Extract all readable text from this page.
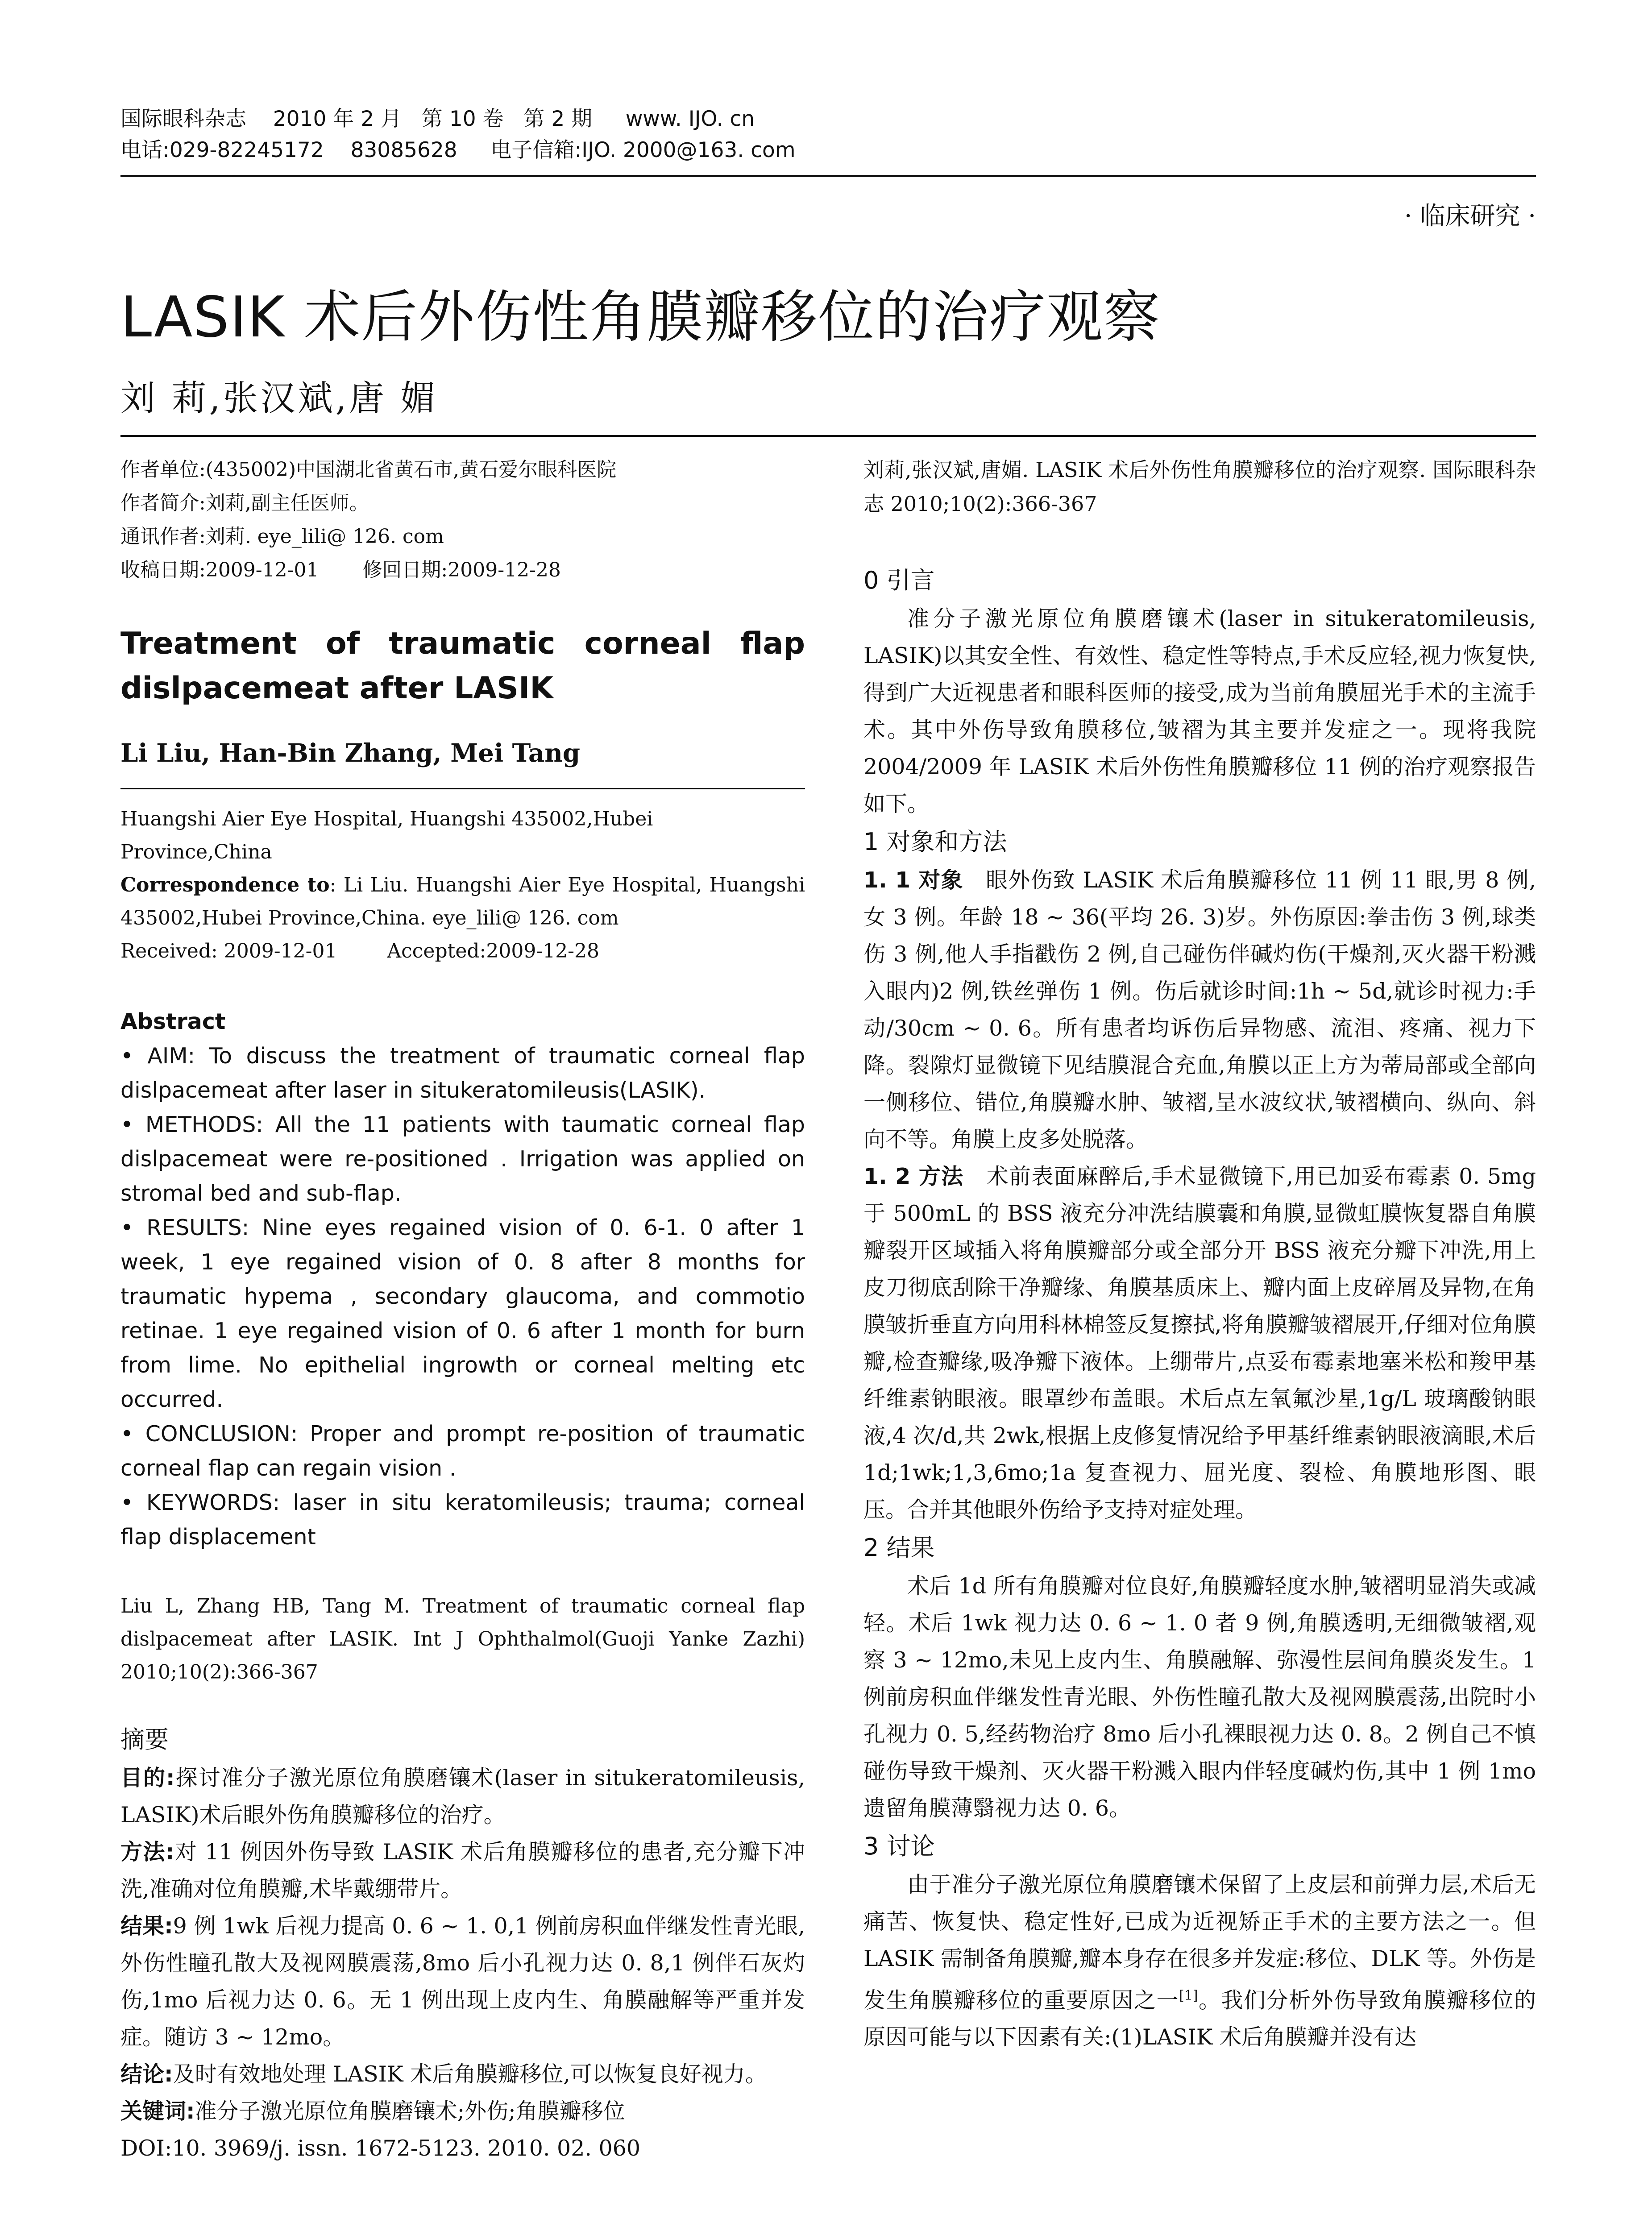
国际眼科杂志    2010 年 2 月   第 10 卷   第 2 期     www. IJO. cn
电话:029-82245172    83085628     电子信箱:IJO. 2000@163. com
· 临床研究 ·
LASIK 术后外伤性角膜瓣移位的治疗观察
刘 莉,张汉斌,唐 媚

作者单位:(435002)中国湖北省黄石市,黄石爱尔眼科医院

作者简介:刘莉,副主任医师。

通讯作者:刘莉. eye_lili@ 126. com

收稿日期:2009-12-01       修回日期:2009-12-28

Treatment of traumatic corneal flap dislpacemeat after LASIK

Li Liu, Han-Bin Zhang, Mei Tang

Huangshi Aier Eye Hospital, Huangshi 435002,Hubei Province,China

Correspondence to: Li Liu. Huangshi Aier Eye Hospital, Huangshi 435002,Hubei Province,China. eye_lili@ 126. com

Received: 2009-12-01        Accepted:2009-12-28

Abstract

• AIM: To discuss the treatment of traumatic corneal flap dislpacemeat after laser in situkeratomileusis(LASIK).

• METHODS: All the 11 patients with taumatic corneal flap dislpacemeat were re-positioned . Irrigation was applied on stromal bed and sub-flap.

• RESULTS: Nine eyes regained vision of 0. 6-1. 0 after 1 week, 1 eye regained vision of 0. 8 after 8 months for traumatic hypema , secondary glaucoma, and commotio retinae. 1 eye regained vision of 0. 6 after 1 month for burn from lime. No epithelial ingrowth or corneal melting etc occurred.

• CONCLUSION: Proper and prompt re-position of traumatic corneal flap can regain vision .

• KEYWORDS: laser in situ keratomileusis; trauma; corneal flap displacement

Liu L, Zhang HB, Tang M. Treatment of traumatic corneal flap dislpacemeat after LASIK. Int J Ophthalmol(Guoji Yanke Zazhi) 2010;10(2):366-367

摘要

目的:探讨准分子激光原位角膜磨镶术(laser in situkeratomileusis, LASIK)术后眼外伤角膜瓣移位的治疗。

方法:对 11 例因外伤导致 LASIK 术后角膜瓣移位的患者,充分瓣下冲洗,准确对位角膜瓣,术毕戴绷带片。

结果:9 例 1wk 后视力提高 0. 6 ~ 1. 0,1 例前房积血伴继发性青光眼,外伤性瞳孔散大及视网膜震荡,8mo 后小孔视力达 0. 8,1 例伴石灰灼伤,1mo 后视力达 0. 6。无 1 例出现上皮内生、角膜融解等严重并发症。随访 3 ~ 12mo。

结论:及时有效地处理 LASIK 术后角膜瓣移位,可以恢复良好视力。

关键词:准分子激光原位角膜磨镶术;外伤;角膜瓣移位

DOI:10. 3969/j. issn. 1672-5123. 2010. 02. 060

刘莉,张汉斌,唐媚. LASIK 术后外伤性角膜瓣移位的治疗观察. 国际眼科杂志 2010;10(2):366-367

0 引言

准分子激光原位角膜磨镶术(laser in situkeratomileusis, LASIK)以其安全性、有效性、稳定性等特点,手术反应轻,视力恢复快,得到广大近视患者和眼科医师的接受,成为当前角膜屈光手术的主流手术。其中外伤导致角膜移位,皱褶为其主要并发症之一。现将我院 2004/2009 年 LASIK 术后外伤性角膜瓣移位 11 例的治疗观察报告如下。

1 对象和方法

1. 1 对象 眼外伤致 LASIK 术后角膜瓣移位 11 例 11 眼,男 8 例,女 3 例。年龄 18 ~ 36(平均 26. 3)岁。外伤原因:拳击伤 3 例,球类伤 3 例,他人手指戳伤 2 例,自己碰伤伴碱灼伤(干燥剂,灭火器干粉溅入眼内)2 例,铁丝弹伤 1 例。伤后就诊时间:1h ~ 5d,就诊时视力:手动/30cm ~ 0. 6。所有患者均诉伤后异物感、流泪、疼痛、视力下降。裂隙灯显微镜下见结膜混合充血,角膜以正上方为蒂局部或全部向一侧移位、错位,角膜瓣水肿、皱褶,呈水波纹状,皱褶横向、纵向、斜向不等。角膜上皮多处脱落。

1. 2 方法 术前表面麻醉后,手术显微镜下,用已加妥布霉素 0. 5mg 于 500mL 的 BSS 液充分冲洗结膜囊和角膜,显微虹膜恢复器自角膜瓣裂开区域插入将角膜瓣部分或全部分开 BSS 液充分瓣下冲洗,用上皮刀彻底刮除干净瓣缘、角膜基质床上、瓣内面上皮碎屑及异物,在角膜皱折垂直方向用科林棉签反复擦拭,将角膜瓣皱褶展开,仔细对位角膜瓣,检查瓣缘,吸净瓣下液体。上绷带片,点妥布霉素地塞米松和羧甲基纤维素钠眼液。眼罩纱布盖眼。术后点左氧氟沙星,1g/L 玻璃酸钠眼液,4 次/d,共 2wk,根据上皮修复情况给予甲基纤维素钠眼液滴眼,术后 1d;1wk;1,3,6mo;1a 复查视力、屈光度、裂检、角膜地形图、眼压。合并其他眼外伤给予支持对症处理。

2 结果

术后 1d 所有角膜瓣对位良好,角膜瓣轻度水肿,皱褶明显消失或减轻。术后 1wk 视力达 0. 6 ~ 1. 0 者 9 例,角膜透明,无细微皱褶,观察 3 ~ 12mo,未见上皮内生、角膜融解、弥漫性层间角膜炎发生。1 例前房积血伴继发性青光眼、外伤性瞳孔散大及视网膜震荡,出院时小孔视力 0. 5,经药物治疗 8mo 后小孔裸眼视力达 0. 8。2 例自己不慎碰伤导致干燥剂、灭火器干粉溅入眼内伴轻度碱灼伤,其中 1 例 1mo 遗留角膜薄翳视力达 0. 6。

3 讨论

由于准分子激光原位角膜磨镶术保留了上皮层和前弹力层,术后无痛苦、恢复快、稳定性好,已成为近视矫正手术的主要方法之一。但 LASIK 需制备角膜瓣,瓣本身存在很多并发症:移位、DLK 等。外伤是发生角膜瓣移位的重要原因之一[1]。我们分析外伤导致角膜瓣移位的原因可能与以下因素有关:(1)LASIK 术后角膜瓣并没有达
